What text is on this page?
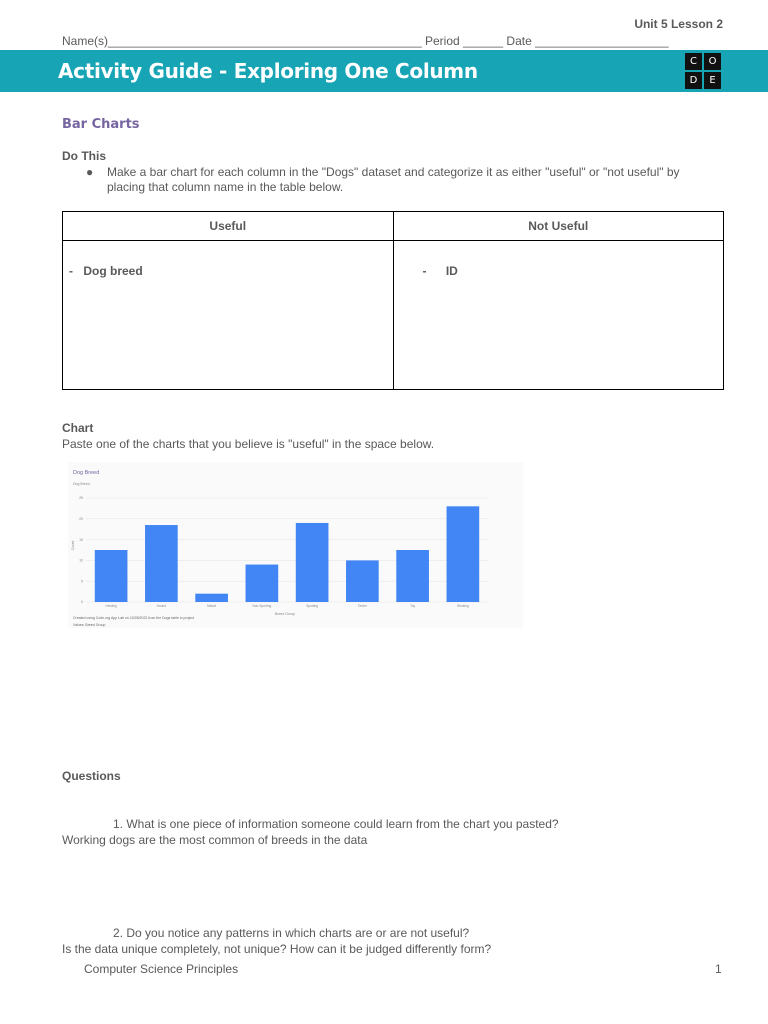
Unit 5 Lesson 2
Name(s)_______________________________________________ Period ______ Date ____________________
Activity Guide - Exploring One Column	C	O
D	E
Bar Charts
Do This
● Make a bar chart for each column in the "Dogs" dataset and categorize it as either "useful" or "not useful" by placing that column name in the table below.
Useful	Not Useful

- Dog breed	- ID
Chart
Paste one of the charts that you believe is "useful" in the space below.
Dog Breed
Dog Breed
Count
Breed Group
Created using Code.org App Lab on 10/28/2022 from the Dogs table in project
Values: Breed Group
0
5
10
15
20
25
Herding	Hound	Miscel	Non-Sporting	Sporting	Terrier	Toy	Working
Questions
1. What is one piece of information someone could learn from the chart you pasted?
Working dogs are the most common of breeds in the data
2. Do you notice any patterns in which charts are or are not useful?
Is the data unique completely, not unique? How can it be judged differently form?
Computer Science Principles	1
